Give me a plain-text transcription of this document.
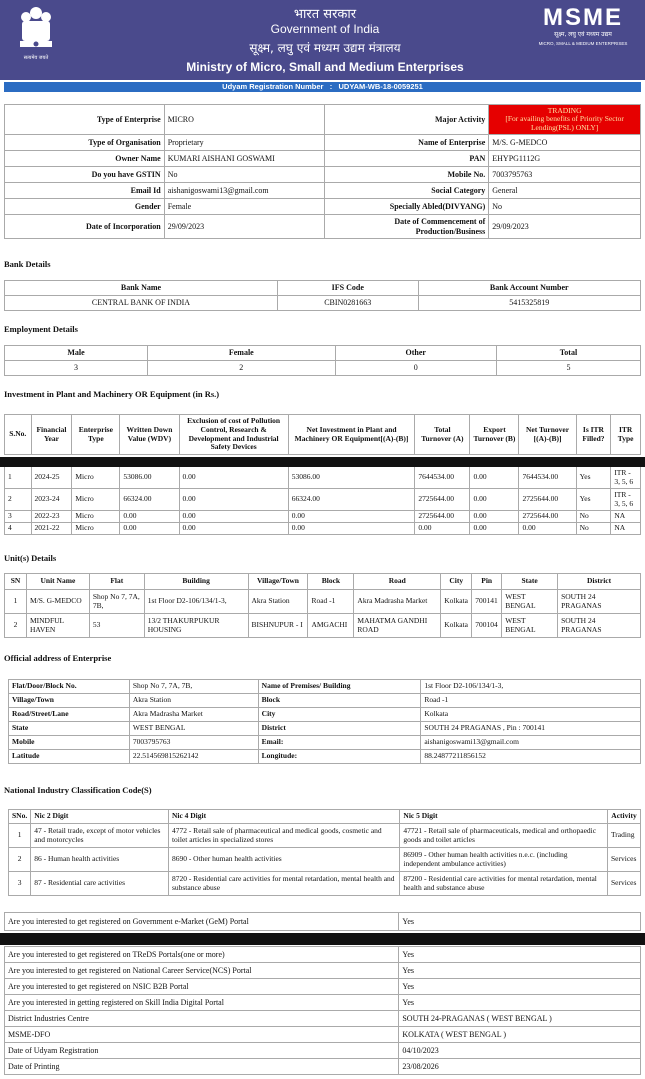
सत्यमेव जयते
भारत सरकार
Government of India
सूक्ष्म, लघु एवं मध्यम उद्यम मंत्रालय
Ministry of Micro, Small and Medium Enterprises
MSME
सूक्ष्म, लघु एवं मध्यम उद्यम
MICRO, SMALL & MEDIUM ENTERPRISES
Udyam Registration Number : UDYAM-WB-18-0059251
Type of Enterprise	MICRO	Major Activity	TRADING
[For availing benefits of Priority Sector Lending(PSL) ONLY]

Type of Organisation	Proprietary	Name of Enterprise	M/S. G-MEDCO
Owner Name	KUMARI AISHANI GOSWAMI	PAN	EHYPG1112G
Do you have GSTIN	No	Mobile No.	7003795763
Email Id	aishanigoswami13@gmail.com	Social Category	General
Gender	Female	Specially Abled(DIVYANG)	No
Date of Incorporation	29/09/2023	Date of Commencement of Production/Business	29/09/2023
Bank Details
Bank Name	IFS Code	Bank Account Number
CENTRAL BANK OF INDIA	CBIN0281663	5415325819
Employment Details
Male	Female	Other	Total
3	2	0	5
Investment in Plant and Machinery OR Equipment (in Rs.)
S.No.	Financial Year	Enterprise Type	Written Down Value (WDV)	Exclusion of cost of Pollution Control, Research & Development and Industrial Safety Devices	Net Investment in Plant and Machinery OR Equipment[(A)-(B)]	Total Turnover (A)	Export Turnover (B)	Net Turnover [(A)-(B)]	Is ITR Filled?	ITR Type

1	2024-25	Micro	53086.00	0.00	53086.00	7644534.00	0.00	7644534.00	Yes	ITR - 3, 5, 6
2	2023-24	Micro	66324.00	0.00	66324.00	2725644.00	0.00	2725644.00	Yes	ITR - 3, 5, 6
3	2022-23	Micro	0.00	0.00	0.00	2725644.00	0.00	2725644.00	No	NA
4	2021-22	Micro	0.00	0.00	0.00	0.00	0.00	0.00	No	NA
Unit(s) Details
SN	Unit Name	Flat	Building	Village/Town	Block	Road	City	Pin	State	District
1	M/S. G-MEDCO	Shop No 7, 7A, 7B,	1st Floor D2-106/134/1-3,	Akra Station	Road -1	Akra Madrasha Market	Kolkata	700141	WEST BENGAL	SOUTH 24 PRAGANAS
2	MINDFUL HAVEN	53	13/2 THAKURPUKUR HOUSING	BISHNUPUR - I	AMGACHI	MAHATMA GANDHI ROAD	Kolkata	700104	WEST BENGAL	SOUTH 24 PRAGANAS
Official address of Enterprise
Flat/Door/Block No.	Shop No 7, 7A, 7B,	Name of Premises/ Building	1st Floor D2-106/134/1-3,
Village/Town	Akra Station	Block	Road -1
Road/Street/Lane	Akra Madrasha Market	City	Kolkata
State	WEST BENGAL	District	SOUTH 24 PRAGANAS , Pin : 700141
Mobile	7003795763	Email:	aishanigoswami13@gmail.com
Latitude	22.514569815262142	Longitude:	88.24877211856152
National Industry Classification Code(S)
SNo.	Nic 2 Digit	Nic 4 Digit	Nic 5 Digit	Activity
1	47 - Retail trade, except of motor vehicles and motorcycles	4772 - Retail sale of pharmaceutical and medical goods, cosmetic and toilet articles in specialized stores	47721 - Retail sale of pharmaceuticals, medical and orthopaedic goods and toilet articles	Trading
2	86 - Human health activities	8690 - Other human health activities	86909 - Other human health activities n.e.c. (including independent ambulance activities)	Services
3	87 - Residential care activities	8720 - Residential care activities for mental retardation, mental health and substance abuse	87200 - Residential care activities for mental retardation, mental health and substance abuse	Services
Are you interested to get registered on Government e-Market (GeM) Portal	Yes
Are you interested to get registered on TReDS Portals(one or more)	Yes
Are you interested to get registered on National Career Service(NCS) Portal	Yes
Are you interested to get registered on NSIC B2B Portal	Yes
Are you interested in getting registered on Skill India Digital Portal	Yes
District Industries Centre	SOUTH 24-PRAGANAS ( WEST BENGAL )
MSME-DFO	KOLKATA ( WEST BENGAL )
Date of Udyam Registration	04/10/2023
Date of Printing	23/08/2026
